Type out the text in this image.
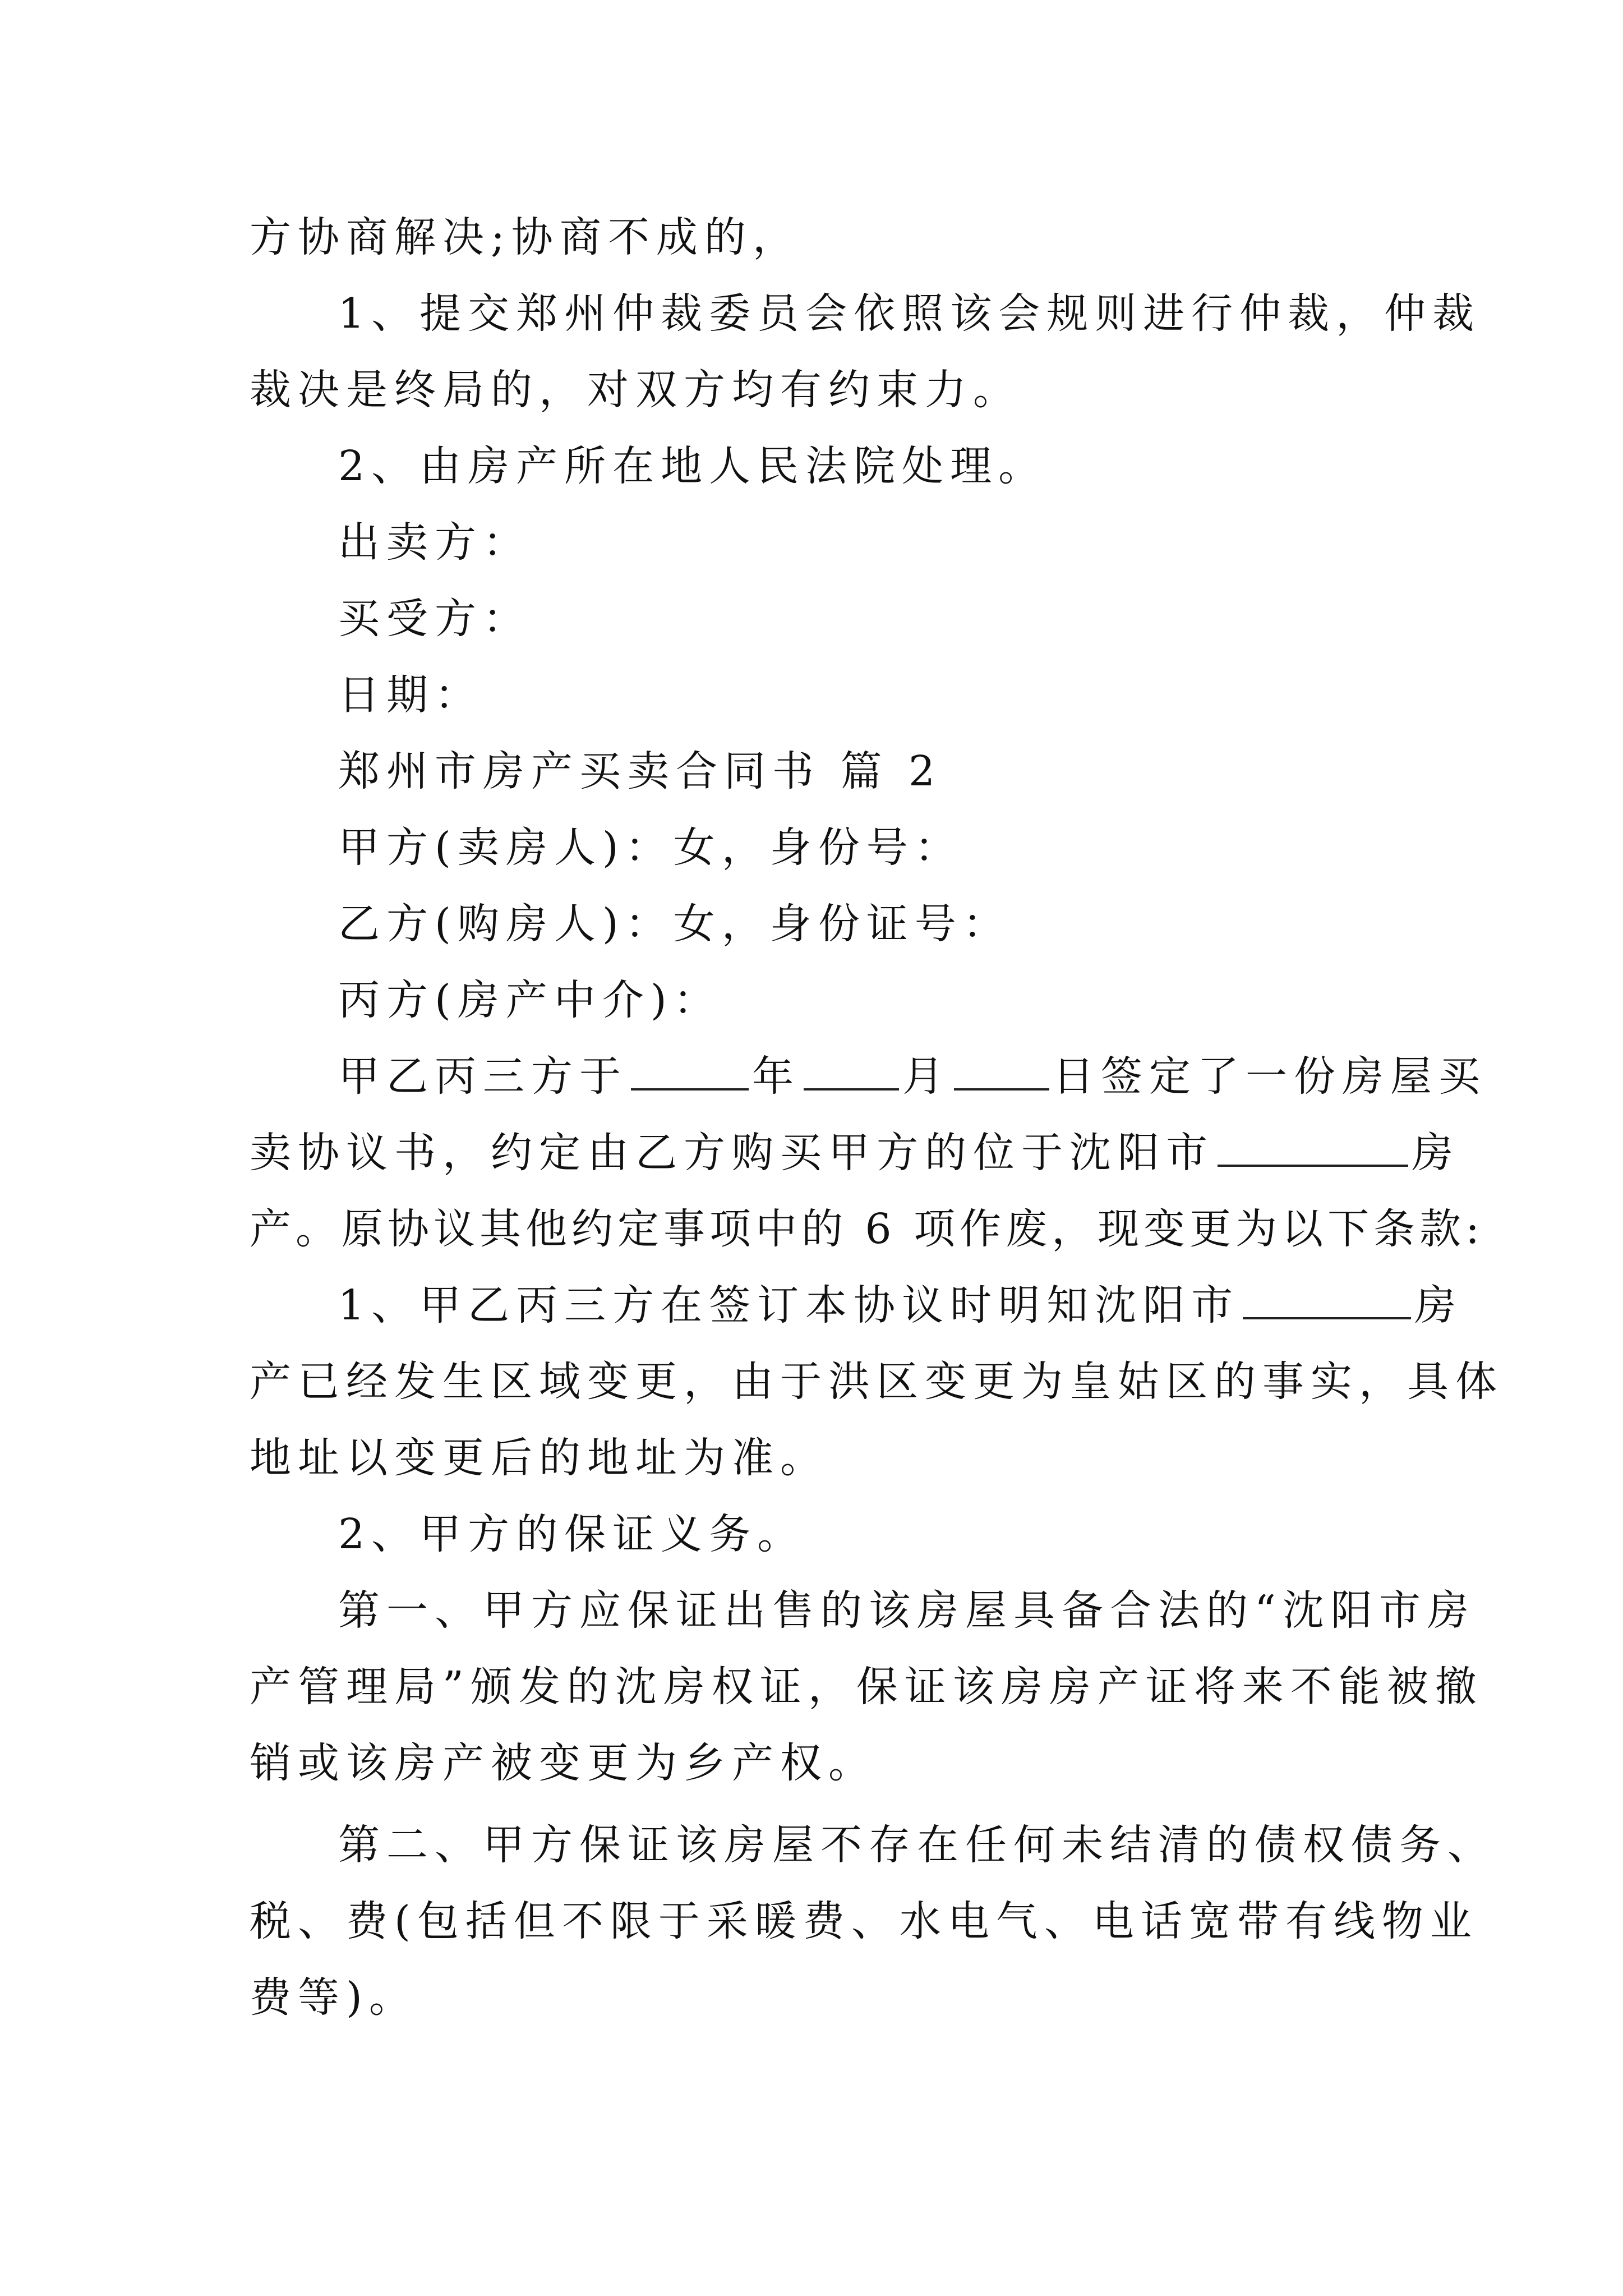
方协商解决;协商不成的，
1、提交郑州仲裁委员会依照该会规则进行仲裁，仲裁
裁决是终局的，对双方均有约束力。
2、由房产所在地人民法院处理。
出卖方：
买受方：
日期：
郑州市房产买卖合同书 篇 2
甲方(卖房人)：女，身份号：
乙方(购房人)：女，身份证号：
丙方(房产中介)：
甲乙丙三方于	年 月 日签定了一份房屋买
卖协议书，约定由乙方购买甲方的位于沈阳市	房
产。原协议其他约定事项中的 6 项作废，现变更为以下条款:
1、甲乙丙三方在签订本协议时明知沈阳市	房
产已经发生区域变更，由于洪区变更为皇姑区的事实，具体
地址以变更后的地址为准。
2、甲方的保证义务。
第一、甲方应保证出售的该房屋具备合法的“沈阳市房
产管理局”颁发的沈房权证，保证该房房产证将来不能被撤
销或该房产被变更为乡产权。
第二、甲方保证该房屋不存在任何未结清的债权债务、
税、费(包括但不限于采暖费、水电气、电话宽带有线物业
费等)。
